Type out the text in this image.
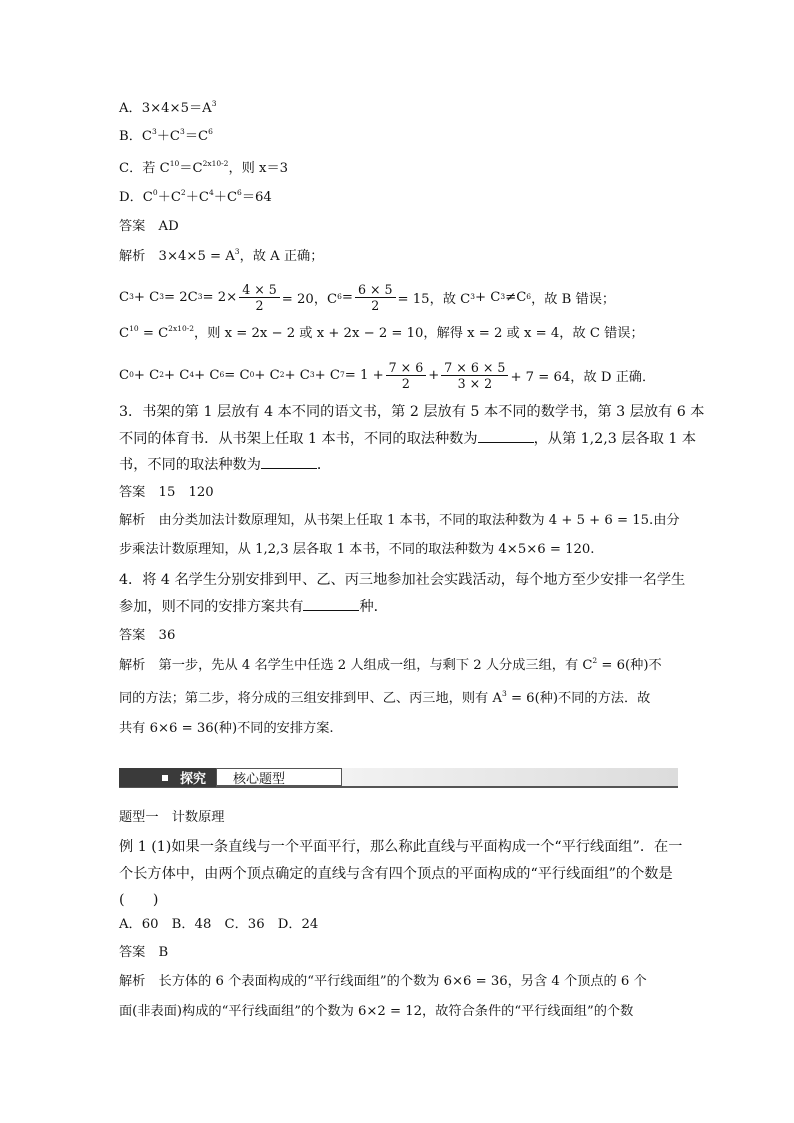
A．$3\times 4\times 5=A^3$
B．$C^3+C^3=C^6$
C．若 $C^{10}=C^{2x10-2}$，则 x＝3
D．$C^0+C^2+C^4+C^6=64$
答案　AD
解析　$3\times 4\times 5 = A^3$，故 A 正确；
C 3 + C 3 = 2C $3 = 2\times \frac{4 \times 5}{2} = 20$，C $6 = \frac{6 \times 5}{2} = 15$，故 C 3 + C 3 ≠C 6 ，故 B 错误；
$C^{10} = C^{2x10-2}$，则 x = 2x − 2 或 x + 2x − 2 = 10，解得 x = 2 或 x = 4，故 C 错误；
C 0 + C 2 + C 4 + C 6 = C 0 + C 2 + C 3 + C $7 = 1 + \frac{7 \times 6}{2} + \frac{7 \times 6 \times 5}{3 \times 2} + 7 = 64$，故 D 正确．
3．书架的第 1 层放有 4 本不同的语文书，第 2 层放有 5 本不同的数学书，第 3 层放有 6 本
不同的体育书．从书架上任取 1 本书，不同的取法种数为	，从第 1,2,3 层各取 1 本
书，不同的取法种数为	．
答案　15　120
解析　由分类加法计数原理知，从书架上任取 1 本书，不同的取法种数为 4 + 5 + 6 = 15.由分
步乘法计数原理知，从 1,2,3 层各取 1 本书，不同的取法种数为 4×5×6 = 120.
4．将 4 名学生分别安排到甲、乙、丙三地参加社会实践活动，每个地方至少安排一名学生
参加，则不同的安排方案共有	种．
答案　36
解析　第一步，先从 4 名学生中任选 2 人组成一组，与剩下 2 人分成三组，有 $C^2 = 6$(种)不
同的方法；第二步，将分成的三组安排到甲、乙、丙三地，则有 $A^3 = 6$(种)不同的方法．故
共有 6×6 = 36(种)不同的安排方案.
探究	核心题型
题型一　计数原理
例 1 (1)如果一条直线与一个平面平行，那么称此直线与平面构成一个“平行线面组”．在一
个长方体中，由两个顶点确定的直线与含有四个顶点的平面构成的“平行线面组”的个数是
(　　)
A．60　B．48　C．36　D．24
答案　B
解析　长方体的 6 个表面构成的“平行线面组”的个数为 6×6 = 36，另含 4 个顶点的 6 个
面(非表面)构成的“平行线面组”的个数为 6×2 = 12，故符合条件的“平行线面组”的个数
